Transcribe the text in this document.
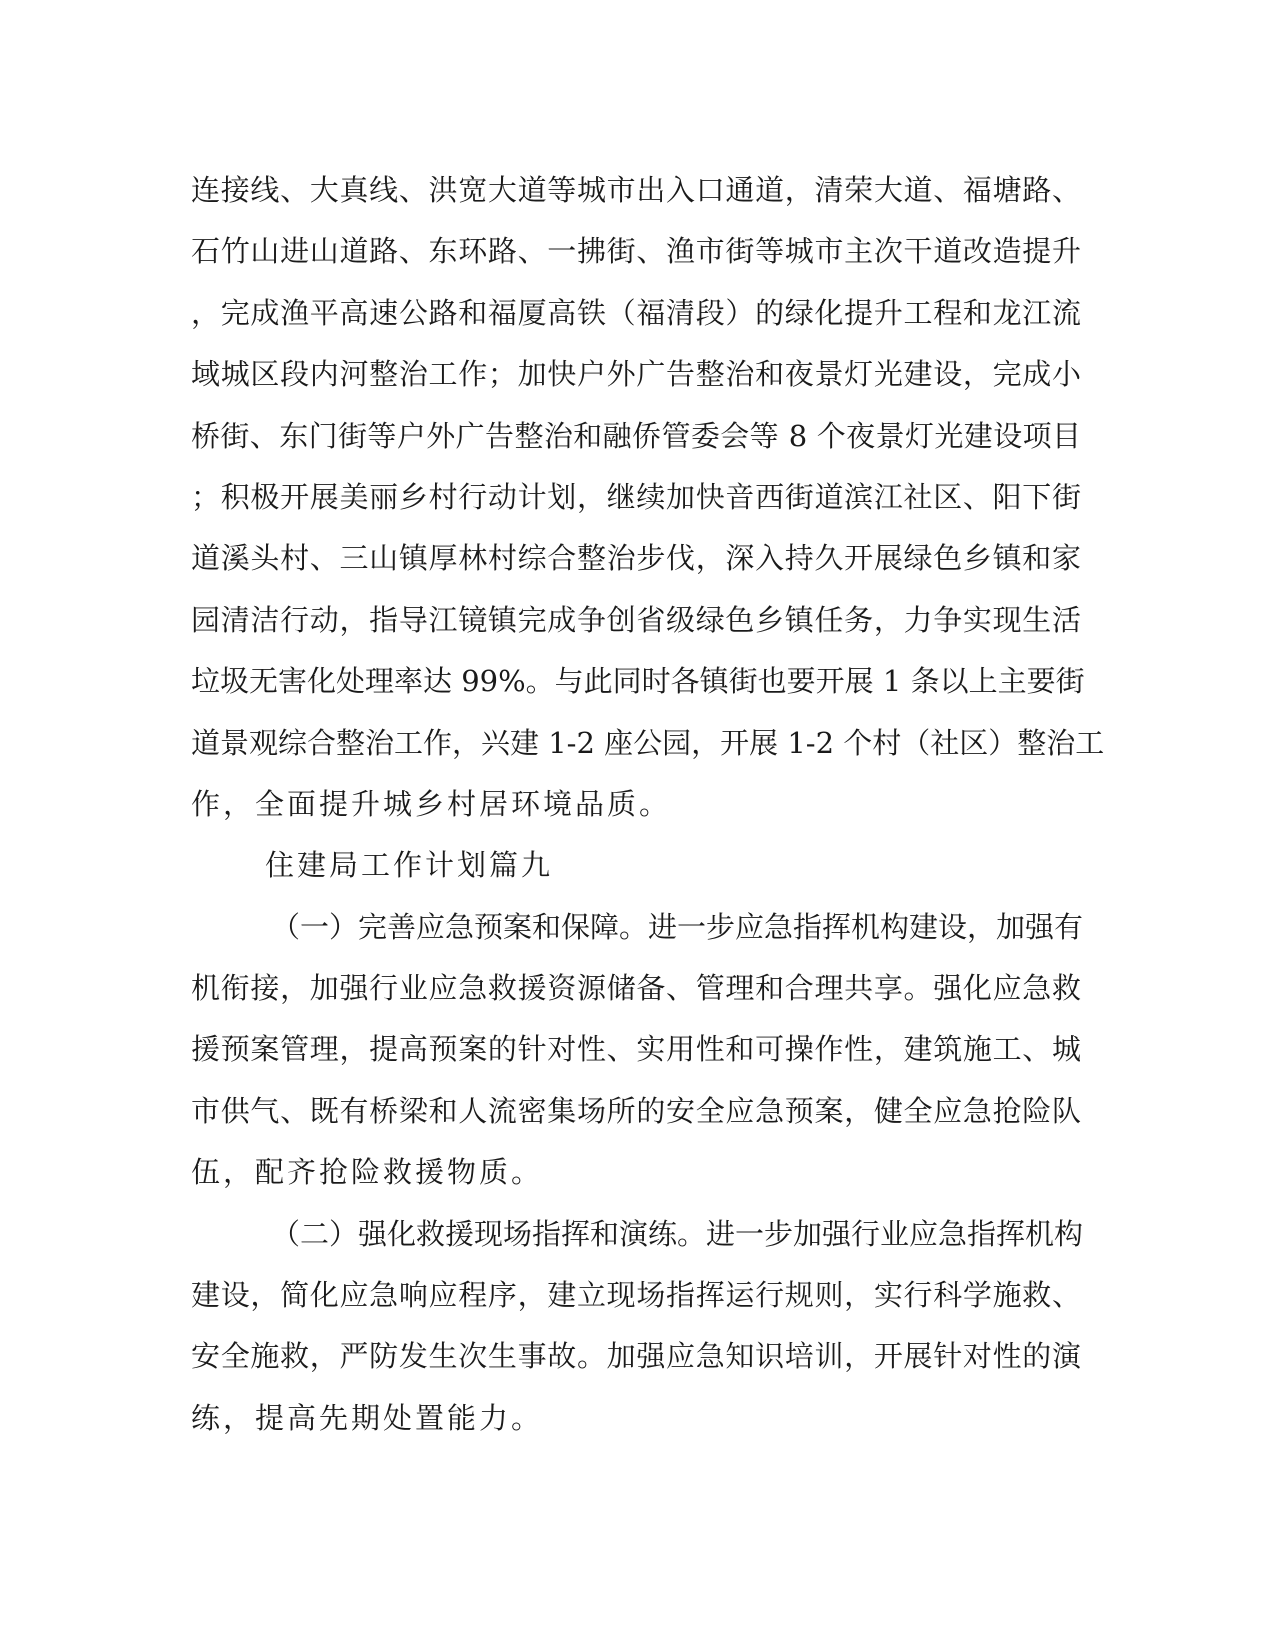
连接线、大真线、洪宽大道等城市出入口通道，清荣大道、福塘路、
石竹山进山道路、东环路、一拂街、渔市街等城市主次干道改造提升
，完成渔平高速公路和福厦高铁（福清段）的绿化提升工程和龙江流
域城区段内河整治工作；加快户外广告整治和夜景灯光建设，完成小
桥街、东门街等户外广告整治和融侨管委会等 8 个夜景灯光建设项目
；积极开展美丽乡村行动计划，继续加快音西街道滨江社区、阳下街
道溪头村、三山镇厚林村综合整治步伐，深入持久开展绿色乡镇和家
园清洁行动，指导江镜镇完成争创省级绿色乡镇任务，力争实现生活
垃圾无害化处理率达 99%。与此同时各镇街也要开展 1 条以上主要街
道景观综合整治工作，兴建 1-2 座公园，开展 1-2 个村（社区）整治工
作，全面提升城乡村居环境品质。
住建局工作计划篇九
（一）完善应急预案和保障。进一步应急指挥机构建设，加强有
机衔接，加强行业应急救援资源储备、管理和合理共享。强化应急救
援预案管理，提高预案的针对性、实用性和可操作性，建筑施工、城
市供气、既有桥梁和人流密集场所的安全应急预案，健全应急抢险队
伍，配齐抢险救援物质。
（二）强化救援现场指挥和演练。进一步加强行业应急指挥机构
建设，简化应急响应程序，建立现场指挥运行规则，实行科学施救、
安全施救，严防发生次生事故。加强应急知识培训，开展针对性的演
练，提高先期处置能力。
